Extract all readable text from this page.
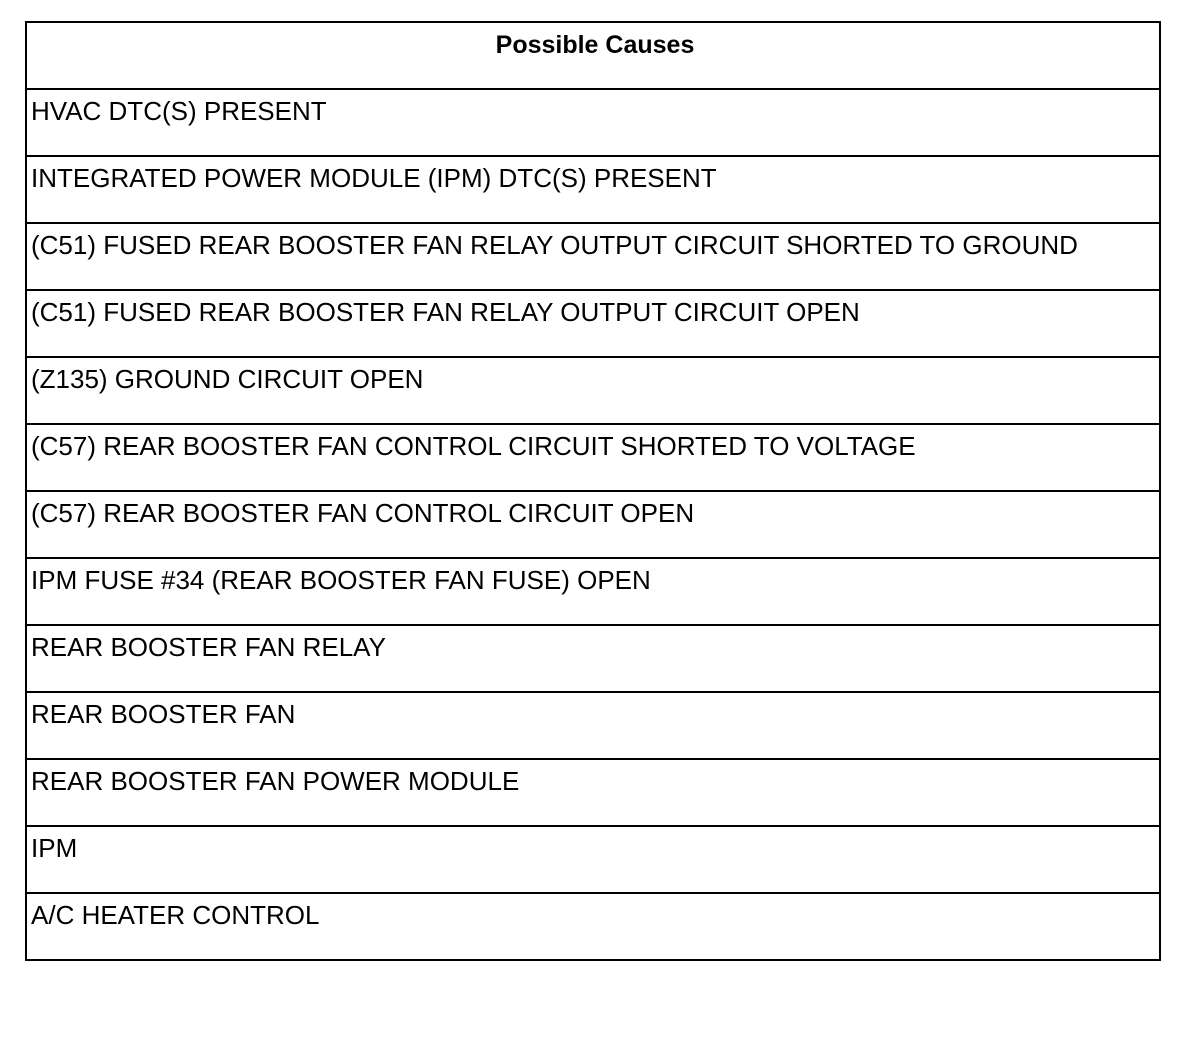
Possible Causes
HVAC DTC(S) PRESENT
INTEGRATED POWER MODULE (IPM) DTC(S) PRESENT
(C51) FUSED REAR BOOSTER FAN RELAY OUTPUT CIRCUIT SHORTED TO GROUND
(C51) FUSED REAR BOOSTER FAN RELAY OUTPUT CIRCUIT OPEN
(Z135) GROUND CIRCUIT OPEN
(C57) REAR BOOSTER FAN CONTROL CIRCUIT SHORTED TO VOLTAGE
(C57) REAR BOOSTER FAN CONTROL CIRCUIT OPEN
IPM FUSE #34 (REAR BOOSTER FAN FUSE) OPEN
REAR BOOSTER FAN RELAY
REAR BOOSTER FAN
REAR BOOSTER FAN POWER MODULE
IPM
A/C HEATER CONTROL
